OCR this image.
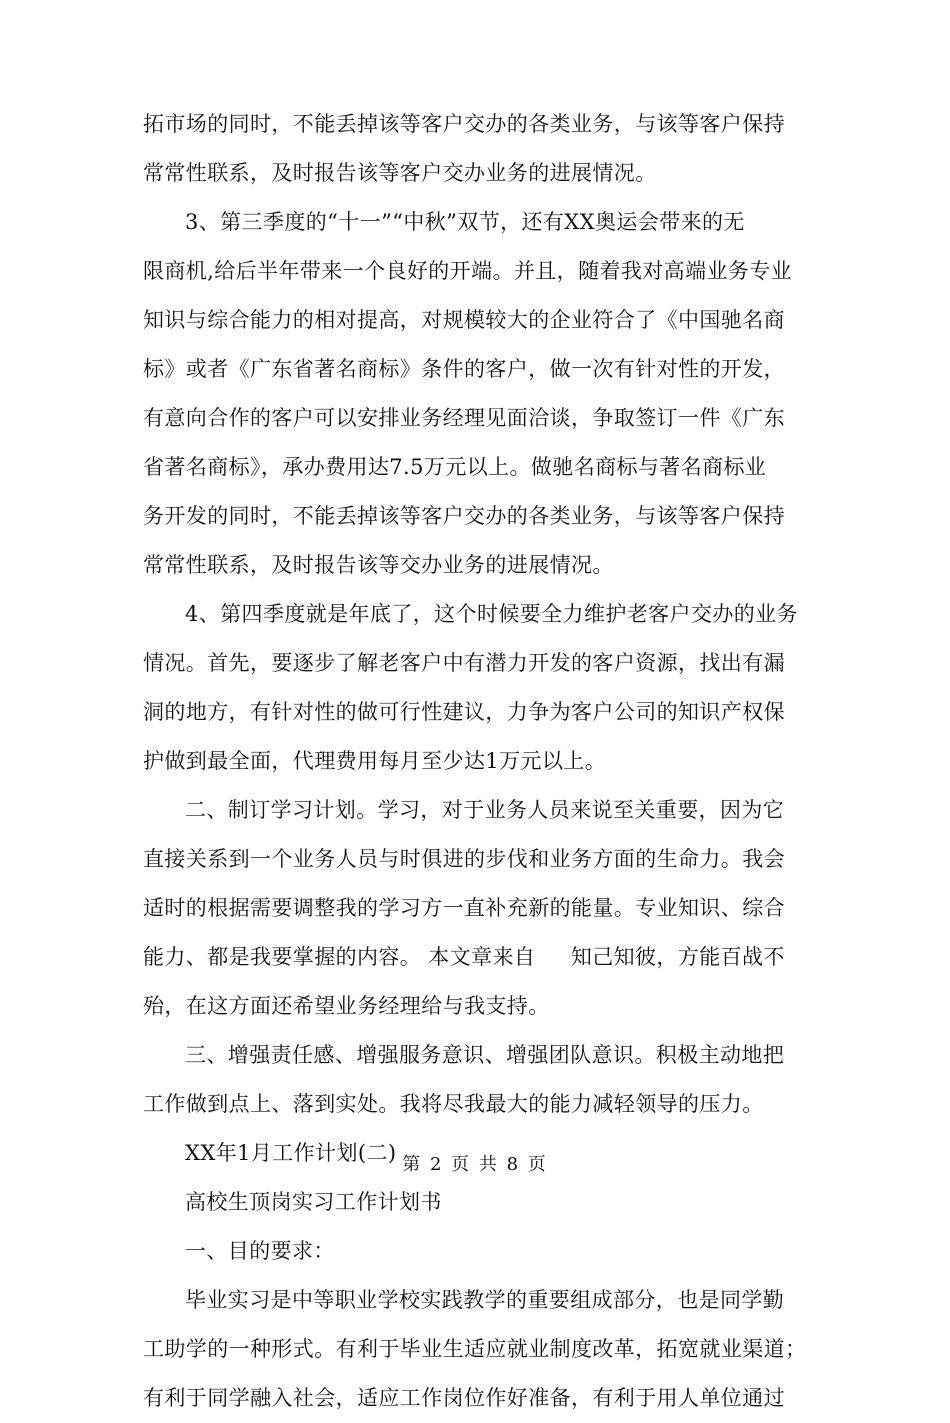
拓市场的同时，不能丢掉该等客户交办的各类业务，与该等客户保持
常常性联系，及时报告该等客户交办业务的进展情况。
3、第三季度的“十一”“中秋”双节，还有XX奥运会带来的无
限商机,给后半年带来一个良好的开端。并且，随着我对高端业务专业
知识与综合能力的相对提高，对规模较大的企业符合了《中国驰名商
标》或者《广东省著名商标》条件的客户，做一次有针对性的开发，
有意向合作的客户可以安排业务经理见面洽谈，争取签订一件《广东
省著名商标》，承办费用达7.5万元以上。做驰名商标与著名商标业
务开发的同时，不能丢掉该等客户交办的各类业务，与该等客户保持
常常性联系，及时报告该等交办业务的进展情况。
4、第四季度就是年底了，这个时候要全力维护老客户交办的业务
情况。首先，要逐步了解老客户中有潜力开发的客户资源，找出有漏
洞的地方，有针对性的做可行性建议，力争为客户公司的知识产权保
护做到最全面，代理费用每月至少达1万元以上。
二、制订学习计划。学习，对于业务人员来说至关重要，因为它
直接关系到一个业务人员与时俱进的步伐和业务方面的生命力。我会
适时的根据需要调整我的学习方一直补充新的能量。专业知识、综合
能力、都是我要掌握的内容。 本文章来自 　 知己知彼，方能百战不
殆，在这方面还希望业务经理给与我支持。
三、增强责任感、增强服务意识、增强团队意识。积极主动地把
工作做到点上、落到实处。我将尽我最大的能力减轻领导的压力。
XX年1月工作计划(二)
高校生顶岗实习工作计划书
一、目的要求：
毕业实习是中等职业学校实践教学的重要组成部分，也是同学勤
工助学的一种形式。有利于毕业生适应就业制度改革，拓宽就业渠道；
有利于同学融入社会，适应工作岗位作好准备，有利于用人单位通过
第 2 页 共 8 页
